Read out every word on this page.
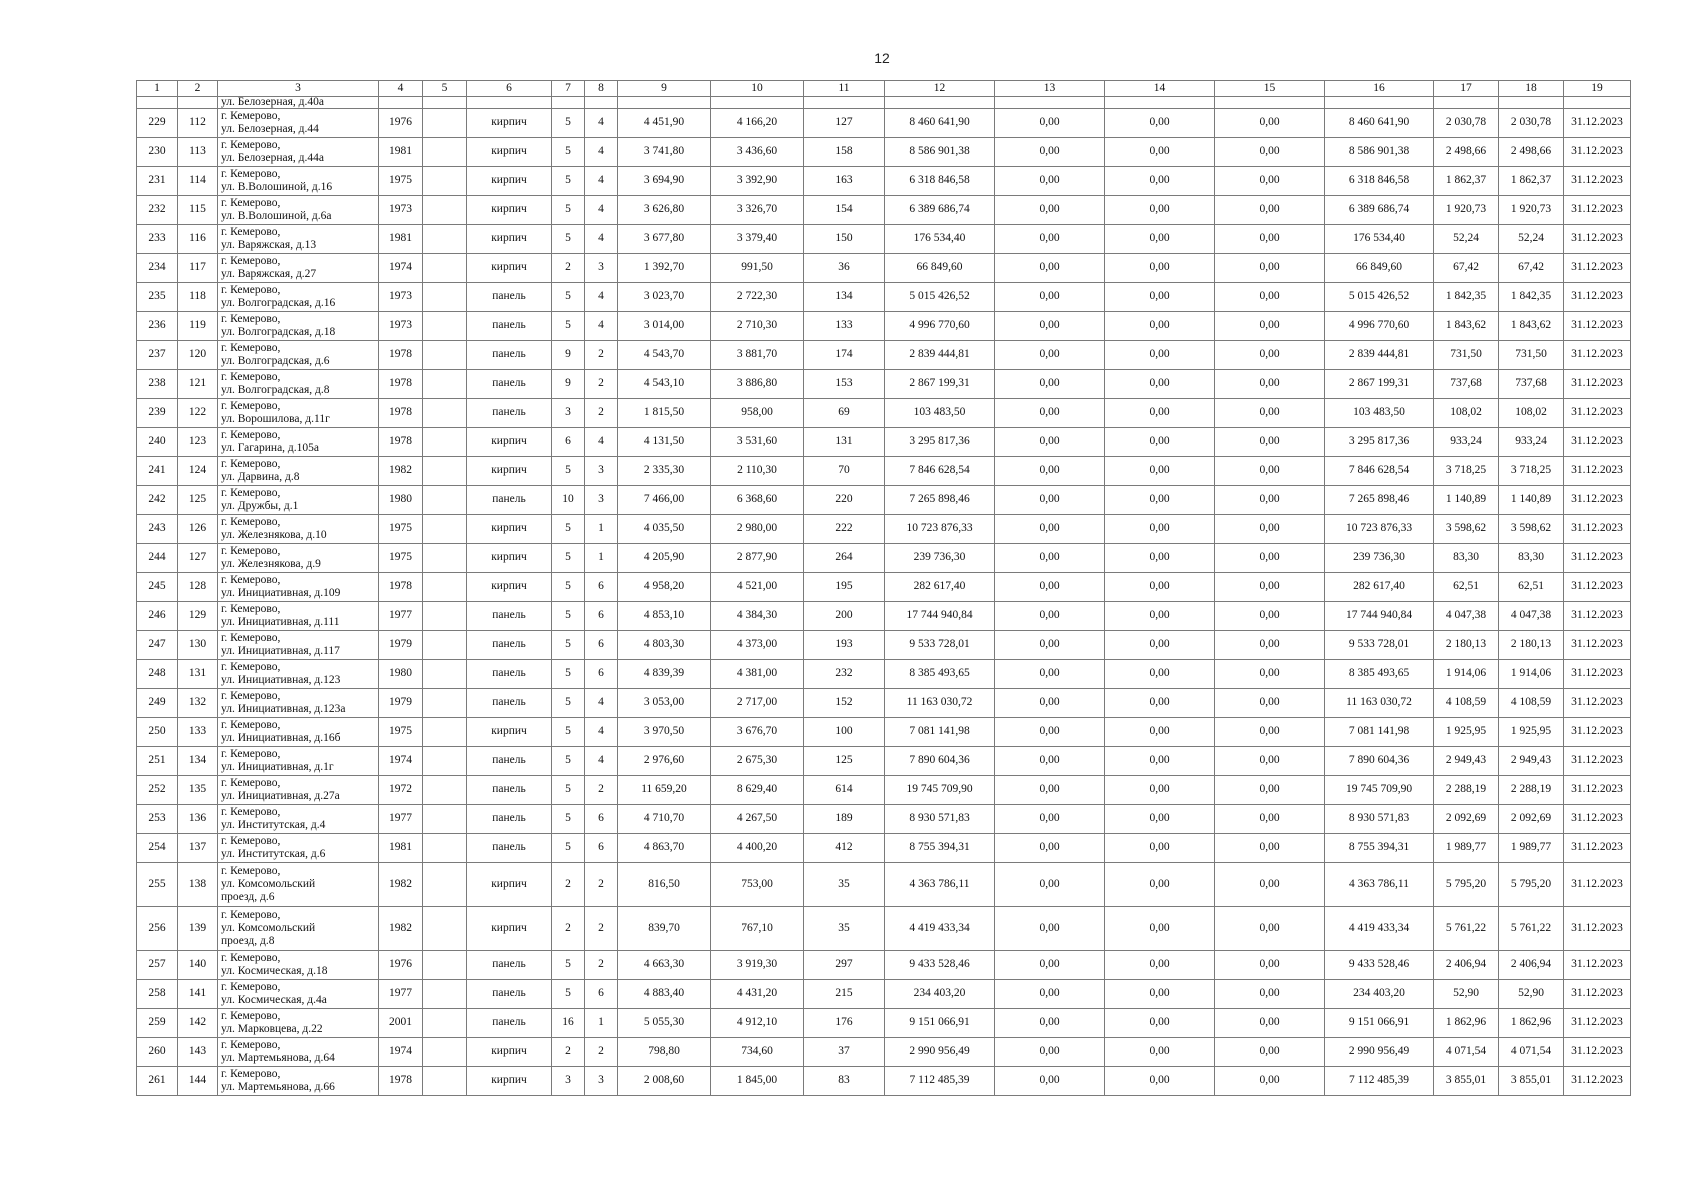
12
1	2	3	4	5	6	7	8	9	10	11	12	13	14	15	16	17	18	19
		ул. Белозерная, д.40а																
229	112	г. Кемерово,
ул. Белозерная, д.44	1976		кирпич	5	4	4 451,90	4 166,20	127	8 460 641,90	0,00	0,00	0,00	8 460 641,90	2 030,78	2 030,78	31.12.2023
230	113	г. Кемерово,
ул. Белозерная, д.44а	1981		кирпич	5	4	3 741,80	3 436,60	158	8 586 901,38	0,00	0,00	0,00	8 586 901,38	2 498,66	2 498,66	31.12.2023
231	114	г. Кемерово,
ул. В.Волошиной, д.16	1975		кирпич	5	4	3 694,90	3 392,90	163	6 318 846,58	0,00	0,00	0,00	6 318 846,58	1 862,37	1 862,37	31.12.2023
232	115	г. Кемерово,
ул. В.Волошиной, д.6а	1973		кирпич	5	4	3 626,80	3 326,70	154	6 389 686,74	0,00	0,00	0,00	6 389 686,74	1 920,73	1 920,73	31.12.2023
233	116	г. Кемерово,
ул. Варяжская, д.13	1981		кирпич	5	4	3 677,80	3 379,40	150	176 534,40	0,00	0,00	0,00	176 534,40	52,24	52,24	31.12.2023
234	117	г. Кемерово,
ул. Варяжская, д.27	1974		кирпич	2	3	1 392,70	991,50	36	66 849,60	0,00	0,00	0,00	66 849,60	67,42	67,42	31.12.2023
235	118	г. Кемерово,
ул. Волгоградская, д.16	1973		панель	5	4	3 023,70	2 722,30	134	5 015 426,52	0,00	0,00	0,00	5 015 426,52	1 842,35	1 842,35	31.12.2023
236	119	г. Кемерово,
ул. Волгоградская, д.18	1973		панель	5	4	3 014,00	2 710,30	133	4 996 770,60	0,00	0,00	0,00	4 996 770,60	1 843,62	1 843,62	31.12.2023
237	120	г. Кемерово,
ул. Волгоградская, д.6	1978		панель	9	2	4 543,70	3 881,70	174	2 839 444,81	0,00	0,00	0,00	2 839 444,81	731,50	731,50	31.12.2023
238	121	г. Кемерово,
ул. Волгоградская, д.8	1978		панель	9	2	4 543,10	3 886,80	153	2 867 199,31	0,00	0,00	0,00	2 867 199,31	737,68	737,68	31.12.2023
239	122	г. Кемерово,
ул. Ворошилова, д.11г	1978		панель	3	2	1 815,50	958,00	69	103 483,50	0,00	0,00	0,00	103 483,50	108,02	108,02	31.12.2023
240	123	г. Кемерово,
ул. Гагарина, д.105а	1978		кирпич	6	4	4 131,50	3 531,60	131	3 295 817,36	0,00	0,00	0,00	3 295 817,36	933,24	933,24	31.12.2023
241	124	г. Кемерово,
ул. Дарвина, д.8	1982		кирпич	5	3	2 335,30	2 110,30	70	7 846 628,54	0,00	0,00	0,00	7 846 628,54	3 718,25	3 718,25	31.12.2023
242	125	г. Кемерово,
ул. Дружбы, д.1	1980		панель	10	3	7 466,00	6 368,60	220	7 265 898,46	0,00	0,00	0,00	7 265 898,46	1 140,89	1 140,89	31.12.2023
243	126	г. Кемерово,
ул. Железнякова, д.10	1975		кирпич	5	1	4 035,50	2 980,00	222	10 723 876,33	0,00	0,00	0,00	10 723 876,33	3 598,62	3 598,62	31.12.2023
244	127	г. Кемерово,
ул. Железнякова, д.9	1975		кирпич	5	1	4 205,90	2 877,90	264	239 736,30	0,00	0,00	0,00	239 736,30	83,30	83,30	31.12.2023
245	128	г. Кемерово,
ул. Инициативная, д.109	1978		кирпич	5	6	4 958,20	4 521,00	195	282 617,40	0,00	0,00	0,00	282 617,40	62,51	62,51	31.12.2023
246	129	г. Кемерово,
ул. Инициативная, д.111	1977		панель	5	6	4 853,10	4 384,30	200	17 744 940,84	0,00	0,00	0,00	17 744 940,84	4 047,38	4 047,38	31.12.2023
247	130	г. Кемерово,
ул. Инициативная, д.117	1979		панель	5	6	4 803,30	4 373,00	193	9 533 728,01	0,00	0,00	0,00	9 533 728,01	2 180,13	2 180,13	31.12.2023
248	131	г. Кемерово,
ул. Инициативная, д.123	1980		панель	5	6	4 839,39	4 381,00	232	8 385 493,65	0,00	0,00	0,00	8 385 493,65	1 914,06	1 914,06	31.12.2023
249	132	г. Кемерово,
ул. Инициативная, д.123а	1979		панель	5	4	3 053,00	2 717,00	152	11 163 030,72	0,00	0,00	0,00	11 163 030,72	4 108,59	4 108,59	31.12.2023
250	133	г. Кемерово,
ул. Инициативная, д.16б	1975		кирпич	5	4	3 970,50	3 676,70	100	7 081 141,98	0,00	0,00	0,00	7 081 141,98	1 925,95	1 925,95	31.12.2023
251	134	г. Кемерово,
ул. Инициативная, д.1г	1974		панель	5	4	2 976,60	2 675,30	125	7 890 604,36	0,00	0,00	0,00	7 890 604,36	2 949,43	2 949,43	31.12.2023
252	135	г. Кемерово,
ул. Инициативная, д.27а	1972		панель	5	2	11 659,20	8 629,40	614	19 745 709,90	0,00	0,00	0,00	19 745 709,90	2 288,19	2 288,19	31.12.2023
253	136	г. Кемерово,
ул. Институтская, д.4	1977		панель	5	6	4 710,70	4 267,50	189	8 930 571,83	0,00	0,00	0,00	8 930 571,83	2 092,69	2 092,69	31.12.2023
254	137	г. Кемерово,
ул. Институтская, д.6	1981		панель	5	6	4 863,70	4 400,20	412	8 755 394,31	0,00	0,00	0,00	8 755 394,31	1 989,77	1 989,77	31.12.2023
255	138	г. Кемерово,
ул. Комсомольский
проезд, д.6	1982		кирпич	2	2	816,50	753,00	35	4 363 786,11	0,00	0,00	0,00	4 363 786,11	5 795,20	5 795,20	31.12.2023
256	139	г. Кемерово,
ул. Комсомольский
проезд, д.8	1982		кирпич	2	2	839,70	767,10	35	4 419 433,34	0,00	0,00	0,00	4 419 433,34	5 761,22	5 761,22	31.12.2023
257	140	г. Кемерово,
ул. Космическая, д.18	1976		панель	5	2	4 663,30	3 919,30	297	9 433 528,46	0,00	0,00	0,00	9 433 528,46	2 406,94	2 406,94	31.12.2023
258	141	г. Кемерово,
ул. Космическая, д.4а	1977		панель	5	6	4 883,40	4 431,20	215	234 403,20	0,00	0,00	0,00	234 403,20	52,90	52,90	31.12.2023
259	142	г. Кемерово,
ул. Марковцева, д.22	2001		панель	16	1	5 055,30	4 912,10	176	9 151 066,91	0,00	0,00	0,00	9 151 066,91	1 862,96	1 862,96	31.12.2023
260	143	г. Кемерово,
ул. Мартемьянова, д.64	1974		кирпич	2	2	798,80	734,60	37	2 990 956,49	0,00	0,00	0,00	2 990 956,49	4 071,54	4 071,54	31.12.2023
261	144	г. Кемерово,
ул. Мартемьянова, д.66	1978		кирпич	3	3	2 008,60	1 845,00	83	7 112 485,39	0,00	0,00	0,00	7 112 485,39	3 855,01	3 855,01	31.12.2023
